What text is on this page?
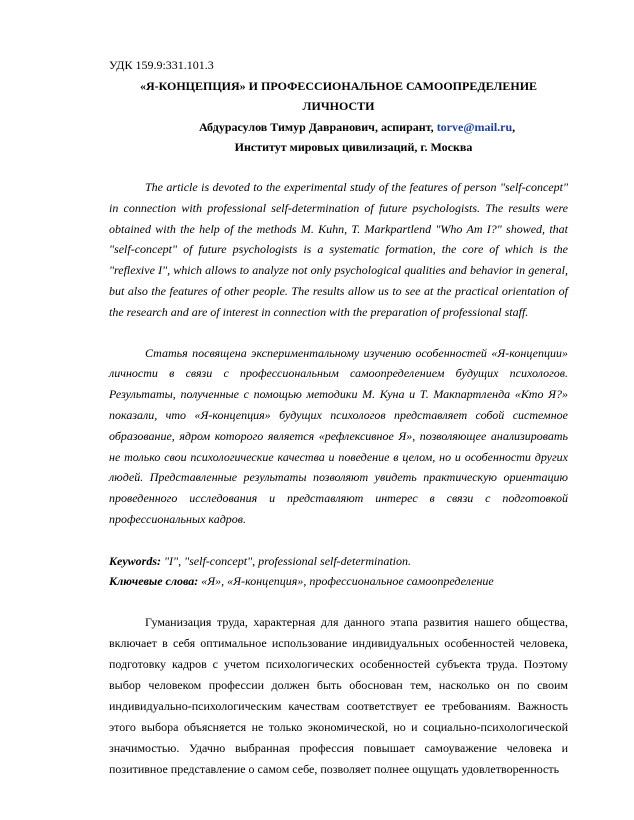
УДК 159.9:331.101.3

«Я-КОНЦЕПЦИЯ» И ПРОФЕССИОНАЛЬНОЕ САМООПРЕДЕЛЕНИЕ ЛИЧНОСТИ

Абдурасулов Тимур Давранович, аспирант, torve@mail.ru,

Институт мировых цивилизаций, г. Москва

The article is devoted to the experimental study of the features of person "self-concept" in connection with professional self-determination of future psychologists. The results were obtained with the help of the methods M. Kuhn, T. Markpartlend "Who Am I?" showed, that "self-concept" of future psychologists is a systematic formation, the core of which is the "reflexive I", which allows to analyze not only psychological qualities and behavior in general, but also the features of other people. The results allow us to see at the practical orientation of the research and are of interest in connection with the preparation of professional staff.

Статья посвящена экспериментальному изучению особенностей «Я-концепции» личности в связи с профессиональным самоопределением будущих психологов. Результаты, полученные с помощью методики М. Куна и Т. Макпартленда «Кто Я?» показали, что «Я-концепция» будущих психологов представляет собой системное образование, ядром которого является «рефлексивное Я», позволяющее анализировать не только свои психологические качества и поведение в целом, но и особенности других людей. Представленные результаты позволяют увидеть практическую ориентацию проведенного исследования и представляют интерес в связи с подготовкой профессиональных кадров.

Keywords: "I", "self-concept", professional self-determination.

Ключевые слова: «Я», «Я-концепция», профессиональное самоопределение

Гуманизация труда, характерная для данного этапа развития нашего общества, включает в себя оптимальное использование индивидуальных особенностей человека, подготовку кадров с учетом психологических особенностей субъекта труда. Поэтому выбор человеком профессии должен быть обоснован тем, насколько он по своим индивидуально-психологическим качествам соответствует ее требованиям. Важность этого выбора объясняется не только экономической, но и социально-психологической значимостью. Удачно выбранная профессия повышает самоуважение человека и позитивное представление о самом себе, позволяет полнее ощущать удовлетворенность
